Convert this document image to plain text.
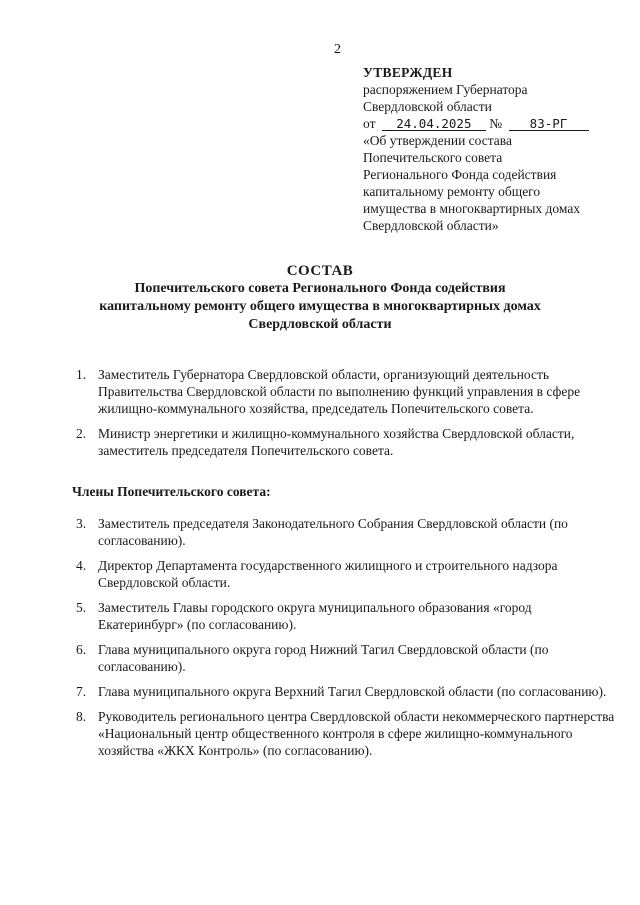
2
УТВЕРЖДЕН
распоряжением Губернатора
Свердловской области
от 24.04.2025 № 83-РГ
«Об утверждении состава
Попечительского совета
Регионального Фонда содействия
капитальному ремонту общего
имущества в многоквартирных домах
Свердловской области»
СОСТАВ
Попечительского совета Регионального Фонда содействия
капитальному ремонту общего имущества в многоквартирных домах
Свердловской области
1. Заместитель Губернатора Свердловской области, организующий деятельность Правительства Свердловской области по выполнению функций управления в сфере жилищно-коммунального хозяйства, председатель Попечительского совета.
2. Министр энергетики и жилищно-коммунального хозяйства Свердловской области, заместитель председателя Попечительского совета.
Члены Попечительского совета:
3. Заместитель председателя Законодательного Собрания Свердловской области (по согласованию).
4. Директор Департамента государственного жилищного и строительного надзора Свердловской области.
5. Заместитель Главы городского округа муниципального образования «город Екатеринбург» (по согласованию).
6. Глава муниципального округа город Нижний Тагил Свердловской области (по согласованию).
7. Глава муниципального округа Верхний Тагил Свердловской области (по согласованию).
8. Руководитель регионального центра Свердловской области некоммерческого партнерства «Национальный центр общественного контроля в сфере жилищно-коммунального хозяйства «ЖКХ Контроль» (по согласованию).
